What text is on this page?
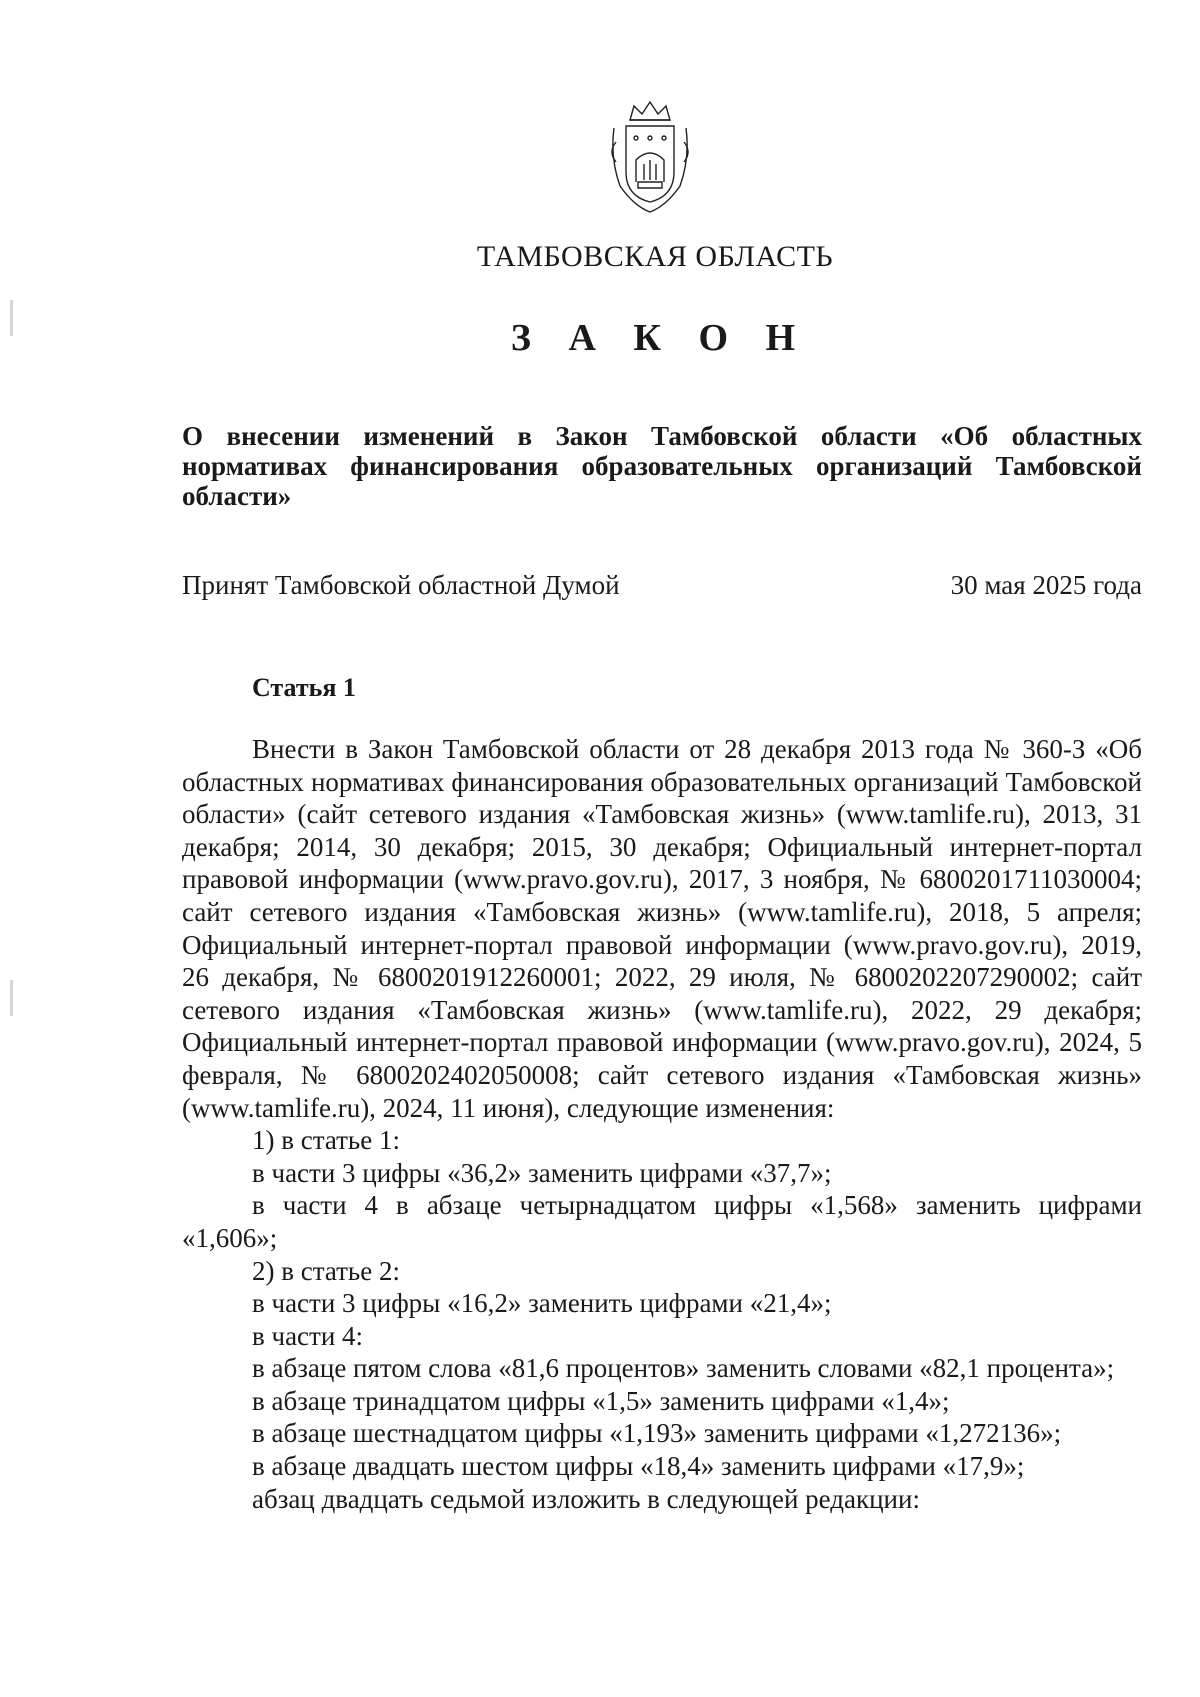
ТАМБОВСКАЯ ОБЛАСТЬ
З А К О Н
О внесении изменений в Закон Тамбовской области «Об областных нормативах финансирования образовательных организаций Тамбовской области»
Принят Тамбовской областной Думой	30 мая 2025 года
Статья 1

Внести в Закон Тамбовской области от 28 декабря 2013 года № 360-З «Об областных нормативах финансирования образовательных организаций Тамбовской области» (сайт сетевого издания «Тамбовская жизнь» (www.tamlife.ru), 2013, 31 декабря; 2014, 30 декабря; 2015, 30 декабря; Официальный интернет-портал правовой информации (www.pravo.gov.ru), 2017, 3 ноября, № 6800201711030004; сайт сетевого издания «Тамбовская жизнь» (www.tamlife.ru), 2018, 5 апреля; Официальный интернет-портал правовой информации (www.pravo.gov.ru), 2019, 26 декабря, № 6800201912260001; 2022, 29 июля, № 6800202207290002; сайт сетевого издания «Тамбовская жизнь» (www.tamlife.ru), 2022, 29 декабря; Официальный интернет-портал правовой информации (www.pravo.gov.ru), 2024, 5 февраля, № 6800202402050008; сайт сетевого издания «Тамбовская жизнь» (www.tamlife.ru), 2024, 11 июня), следующие изменения:

1) в статье 1:

в части 3 цифры «36,2» заменить цифрами «37,7»;

в части 4 в абзаце четырнадцатом цифры «1,568» заменить цифрами «1,606»;

2) в статье 2:

в части 3 цифры «16,2» заменить цифрами «21,4»;

в части 4:

в абзаце пятом слова «81,6 процентов» заменить словами «82,1 процента»;

в абзаце тринадцатом цифры «1,5» заменить цифрами «1,4»;

в абзаце шестнадцатом цифры «1,193» заменить цифрами «1,272136»;

в абзаце двадцать шестом цифры «18,4» заменить цифрами «17,9»;

абзац двадцать седьмой изложить в следующей редакции:
